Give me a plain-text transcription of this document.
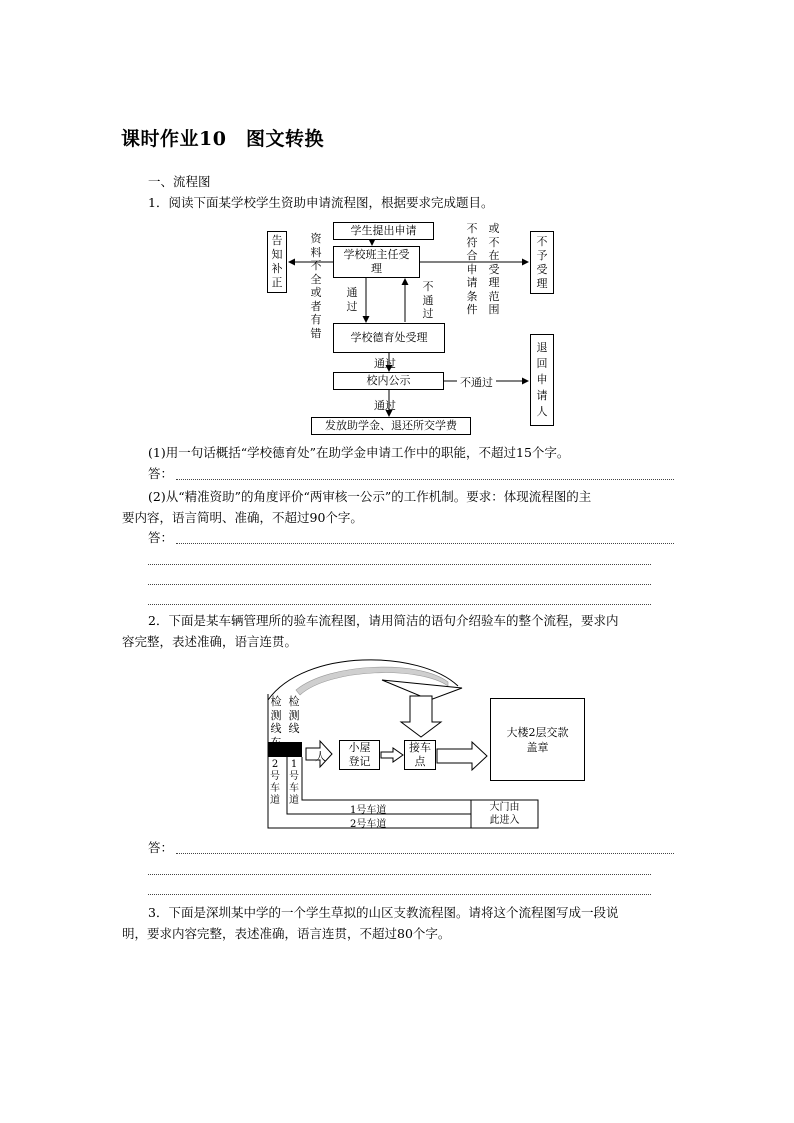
课时作业10　图文转换
一、流程图
1．阅读下面某学校学生资助申请流程图，根据要求完成题目。
学生提出申请
学校班主任受理
学校德育处受理
校内公示
发放助学金、退还所交学费
告知补正
不予受理
退回申请人
资料不全或者有错
不符合申请条件
或不在受理范围
通过
不通过
通过
不通过
通过
(1)用一句话概括“学校德育处”在助学金申请工作中的职能，不超过15个字。
答：
(2)从“精准资助”的角度评价“两审核一公示”的工作机制。要求：体现流程图的主
要内容，语言简明、准确，不超过90个字。
答：
2．下面是某车辆管理所的验车流程图，请用简洁的语句介绍验车的整个流程，要求内
容完整，表述准确，语言连贯。
检测线车
检测线
人
小屋登记
接车点
大楼2层交款盖章
2号车道
1号车道
1号车道
2号车道
大门由此进入
答：
3．下面是深圳某中学的一个学生草拟的山区支教流程图。请将这个流程图写成一段说
明，要求内容完整，表述准确，语言连贯，不超过80个字。
